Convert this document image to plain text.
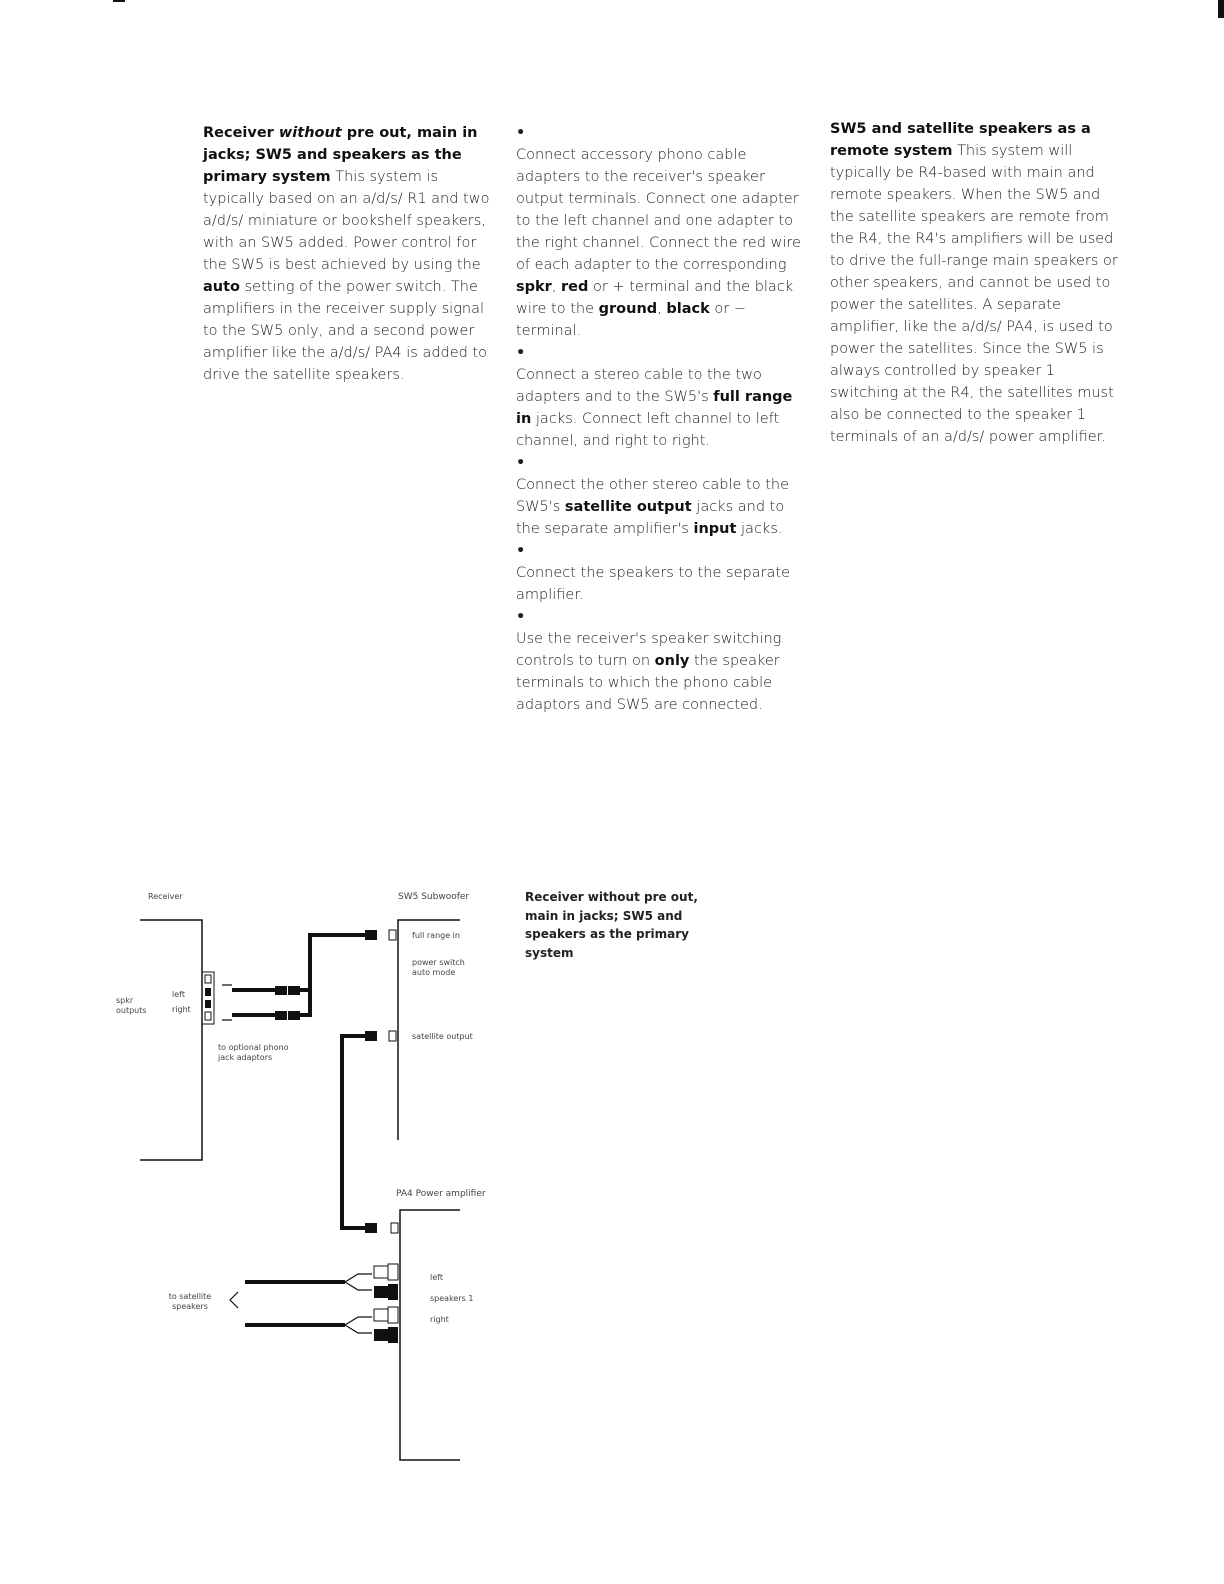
Receiver without pre out, main in jacks; SW5 and speakers as the primary system This system is typically based on an a/d/s/ R1 and two a/d/s/ miniature or bookshelf speakers, with an SW5 added. Power control for the SW5 is best achieved by using the auto setting of the power switch. The amplifiers in the receiver supply signal to the SW5 only, and a second power amplifier like the a/d/s/ PA4 is added to drive the satellite speakers.
•
Connect accessory phono cable adapters to the receiver's speaker output terminals. Connect one adapter to the left channel and one adapter to the right channel. Connect the red wire of each adapter to the corresponding spkr, red or + terminal and the black wire to the ground, black or − terminal.
•
Connect a stereo cable to the two adapters and to the SW5's full range in jacks. Connect left channel to left channel, and right to right.
•
Connect the other stereo cable to the SW5's satellite output jacks and to the separate amplifier's input jacks.
•
Connect the speakers to the separate amplifier.
•
Use the receiver's speaker switching controls to turn on only the speaker terminals to which the phono cable adaptors and SW5 are connected.
SW5 and satellite speakers as a remote system This system will typically be R4-based with main and remote speakers. When the SW5 and the satellite speakers are remote from the R4, the R4's amplifiers will be used to drive the full-range main speakers or other speakers, and cannot be used to power the satellites. A separate amplifier, like the a/d/s/ PA4, is used to power the satellites. Since the SW5 is always controlled by speaker 1 switching at the R4, the satellites must also be connected to the speaker 1 terminals of an a/d/s/ power amplifier.
Receiver without pre out, main in jacks; SW5 and speakers as the primary system
Receiver
spkr outputs
left
right
to optional phono jack adaptors
SW5 Subwoofer
full range in
power switch auto mode
satellite output
PA4 Power amplifier
left
speakers 1
right
to satellite speakers
